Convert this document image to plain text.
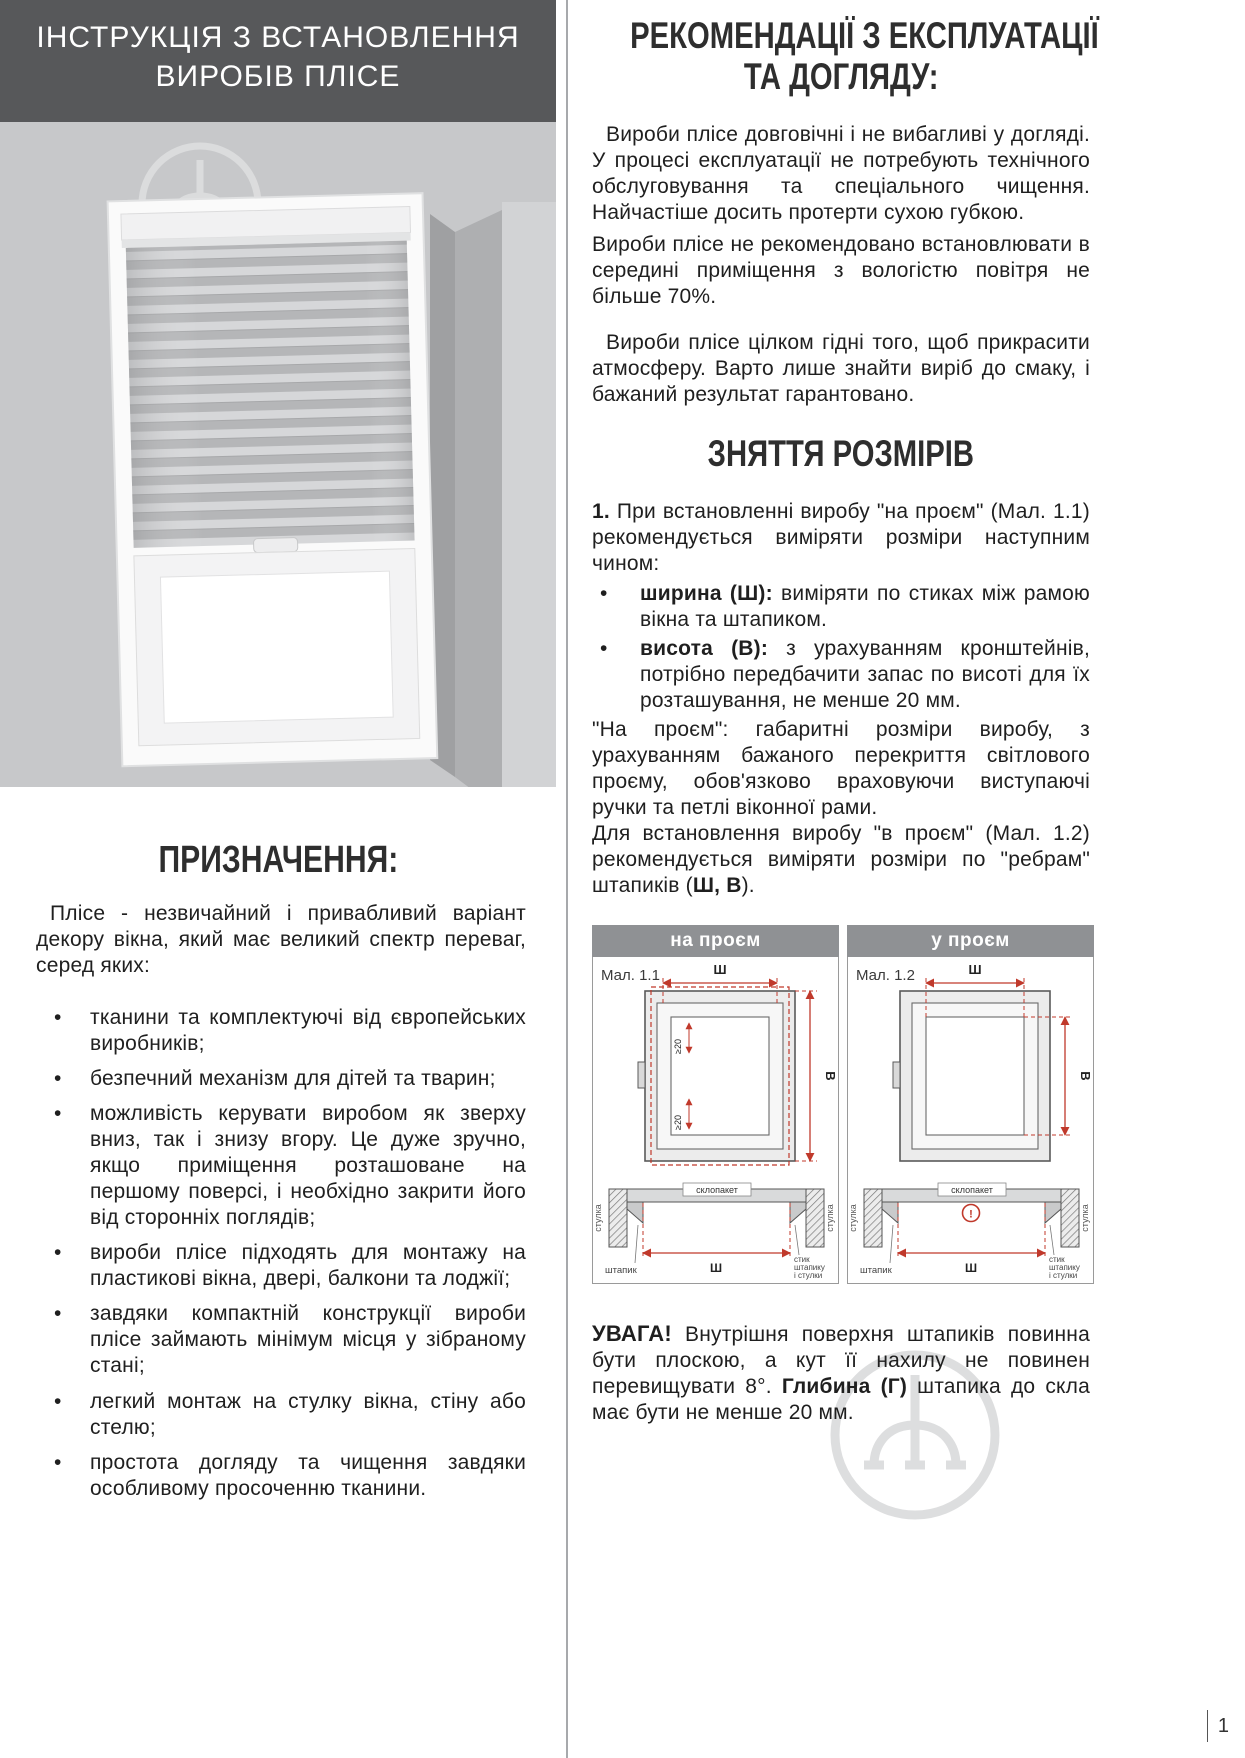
ІНСТРУКЦІЯ З ВСТАНОВЛЕННЯ
ВИРОБІВ ПЛІСЕ
ПРИЗНАЧЕННЯ:

Плісе - незвичайний і привабливий варіант декору вікна, який має великий спектр переваг, серед яких:

• тканини та комплектуючі від європейських виробників;
• безпечний механізм для дітей та тварин;
• можливість керувати виробом як зверху вниз, так і знизу вгору. Це дуже зручно, якщо приміщення розташоване на першому поверсі, і необхідно закрити його від сторонніх поглядів;
• вироби плісе підходять для монтажу на пластикові вікна, двері, балкони та лоджії;
• завдяки компактній конструкції вироби плісе займають мінімум місця у зібраному стані;
• легкий монтаж на стулку вікна, стіну або стелю;
• простота догляду та чищення завдяки особливому просоченню тканини.
РЕКОМЕНДАЦІЇ З ЕКСПЛУАТАЦІЇ
ТА ДОГЛЯДУ:

Вироби плісе довговічні і не вибагливі у догляді. У процесі експлуатації не потребують технічного обслуговування та спеціального чищення. Найчастіше досить протерти сухою губкою.

Вироби плісе не рекомендовано встановлювати в середині приміщення з вологістю повітря не більше 70%.

Вироби плісе цілком гідні того, щоб прикрасити атмосферу. Варто лише знайти виріб до смаку, і бажаний результат гарантовано.

ЗНЯТТЯ РОЗМІРІВ

1. При встановленні виробу "на проєм" (Мал. 1.1) рекомендується виміряти розміри наступним чином:

• ширина (Ш): виміряти по стиках між рамою вікна та штапиком.
• висота (В): з урахуванням кронштейнів, потрібно передбачити запас по висоті для їх розташування, не менше 20 мм.

"На проєм": габаритні розміри виробу, з урахуванням бажаного перекриття світлового проєму, обов'язково враховуючи виступаючі ручки та петлі віконної рами.

Для встановлення виробу "в проєм" (Мал. 1.2) рекомендується виміряти розміри по "ребрам" штапиків (Ш, В).

на проєм
Мал. 1.1	Ш
В
≥20
≥20
склопакет
Ш
стулка	стулка
штапик
стик
штапику
і стулки
у проєм
Мал. 1.2	Ш
В
склопакет
Ш
!
стулка	стулка
штапик
стик
штапику
і стулки

УВАГА! Внутрішня поверхня штапиків повинна бути плоскою, а кут її нахилу не повинен перевищувати 8°. Глибина (Г) штапика до скла має бути не менше 20 мм.

1
